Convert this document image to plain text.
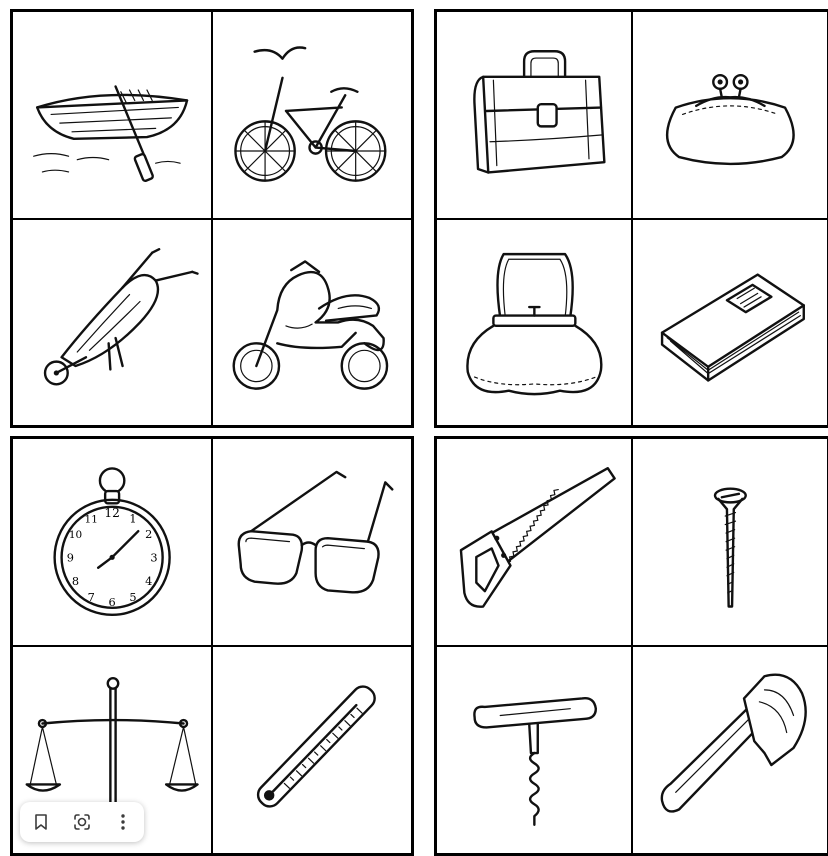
12 1
2
3
4
5
6
7
8
9
10
11
